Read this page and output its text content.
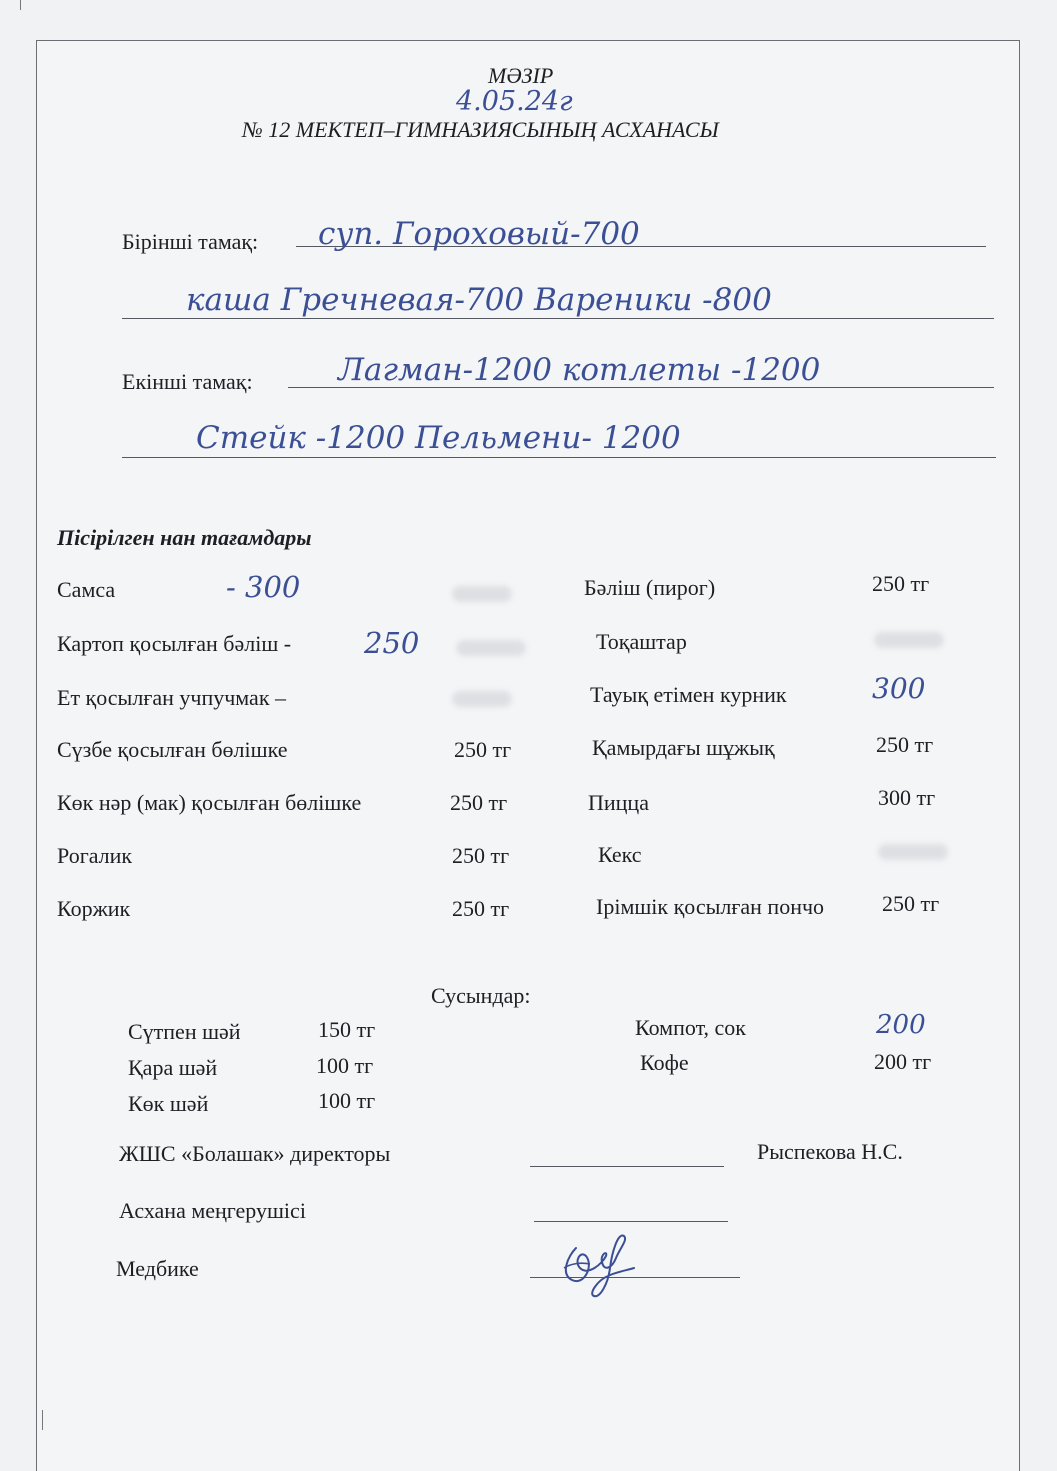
МӘЗІР
4.05.24г
№ 12 МЕКТЕП–ГИМНАЗИЯСЫНЫҢ АСХАНАСЫ
Бірінші тамақ: суп. Гороховый-700
каша Гречневая-700 Вареники -800
Екінші тамақ:	Лагман-1200 котлеты -1200
Стейк -1200 Пельмени- 1200
Пісірілген нан тағамдары
Самса	- 300
Картоп қосылған бәліш -	250
Ет қосылған учпучмак –
Сүзбе қосылған бөлішке	250 тг
Көк нәр (мак) қосылған бөлішке	250 тг
Рогалик	250 тг
Коржик	250 тг
Бәліш (пирог)	250 тг
Тоқаштар
Тауық етімен курник	300
Қамырдағы шұжық	250 тг
Пицца	300 тг
Кекс
Ірімшік қосылған пончо	250 тг
Сусындар:
Сүтпен шәй	150 тг
Қара шәй	100 тг
Көк шәй	100 тг
Компот, сок	200
Кофе	200 тг
ЖШС «Болашак» директоры	Рыспекова Н.С.
Асхана меңгерушісі
Медбике
